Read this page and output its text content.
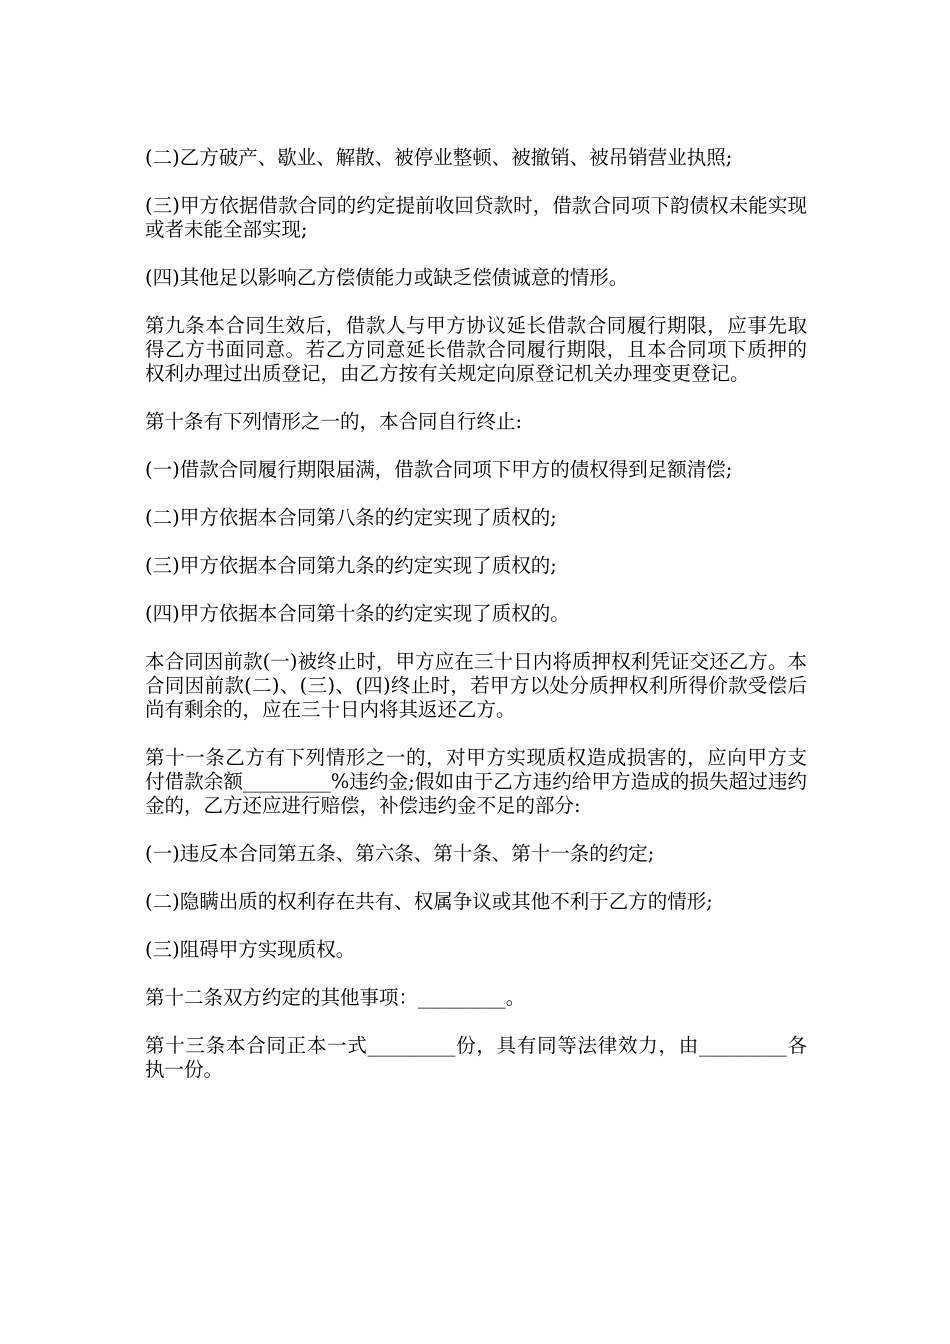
(二)乙方破产、歇业、解散、被停业整顿、被撤销、被吊销营业执照;

(三)甲方依据借款合同的约定提前收回贷款时，借款合同项下韵债权未能实现或者未能全部实现;

(四)其他足以影响乙方偿债能力或缺乏偿债诚意的情形。

第九条本合同生效后，借款人与甲方协议延长借款合同履行期限，应事先取得乙方书面同意。若乙方同意延长借款合同履行期限，且本合同项下质押的权利办理过出质登记，由乙方按有关规定向原登记机关办理变更登记。

第十条有下列情形之一的，本合同自行终止:

(一)借款合同履行期限届满，借款合同项下甲方的债权得到足额清偿;

(二)甲方依据本合同第八条的约定实现了质权的;

(三)甲方依据本合同第九条的约定实现了质权的;

(四)甲方依据本合同第十条的约定实现了质权的。

本合同因前款(一)被终止时，甲方应在三十日内将质押权利凭证交还乙方。本合同因前款(二)、(三)、(四)终止时，若甲方以处分质押权利所得价款受偿后尚有剩余的，应在三十日内将其返还乙方。

第十一条乙方有下列情形之一的，对甲方实现质权造成损害的，应向甲方支付借款余额_________%违约金;假如由于乙方违约给甲方造成的损失超过违约金的，乙方还应进行赔偿，补偿违约金不足的部分:

(一)违反本合同第五条、第六条、第十条、第十一条的约定;

(二)隐瞒出质的权利存在共有、权属争议或其他不利于乙方的情形;

(三)阻碍甲方实现质权。

第十二条双方约定的其他事项：_________。

第十三条本合同正本一式_________份，具有同等法律效力，由_________各执一份。
